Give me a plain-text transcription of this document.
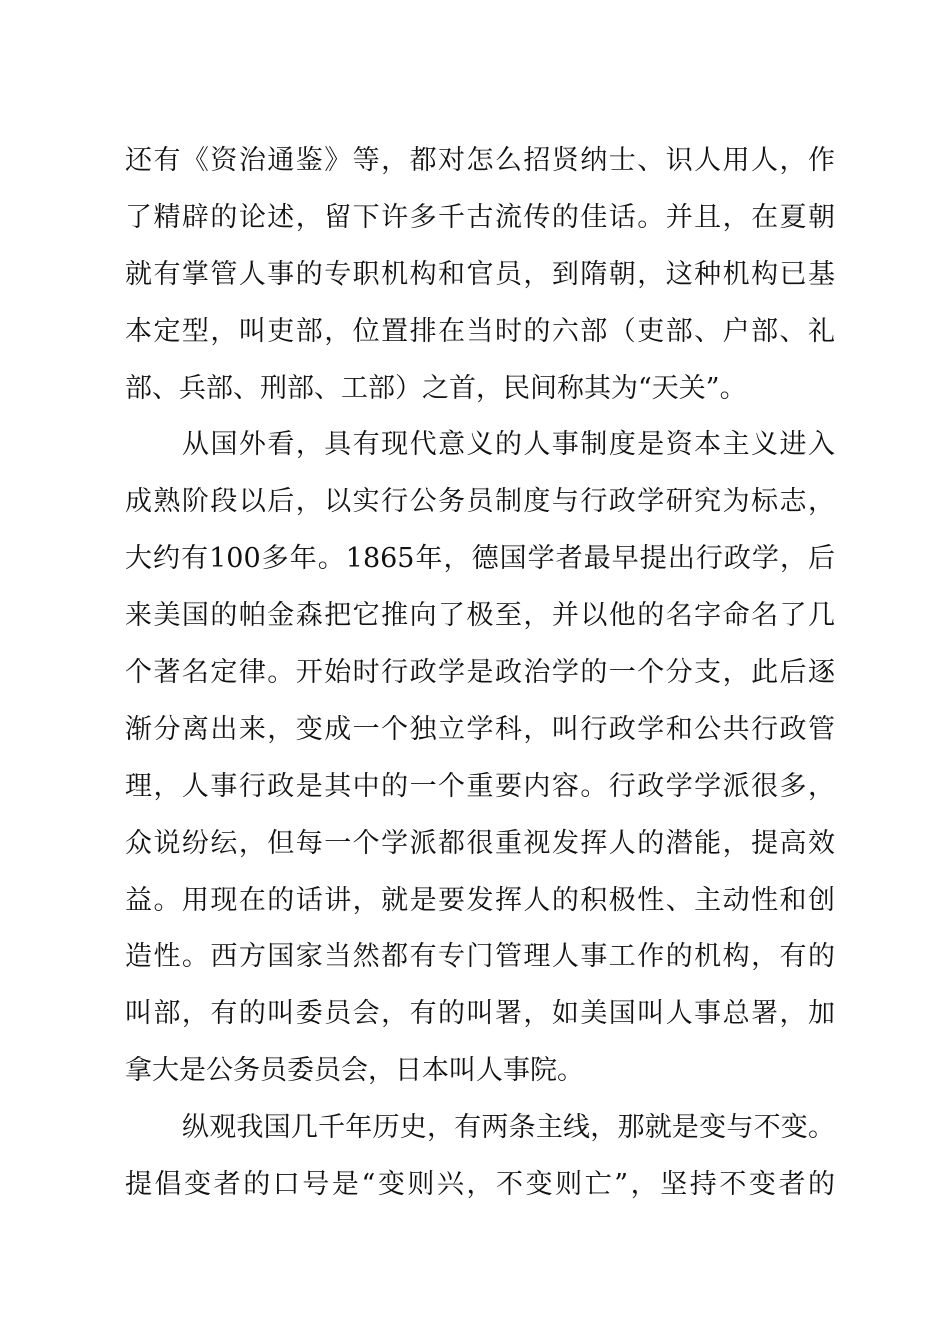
还有《资治通鉴》等，都对怎么招贤纳士、识人用人，作
了精辟的论述，留下许多千古流传的佳话。并且，在夏朝
就有掌管人事的专职机构和官员，到隋朝，这种机构已基
本定型，叫吏部，位置排在当时的六部（吏部、户部、礼
部、兵部、刑部、工部）之首，民间称其为“天关”。
从国外看，具有现代意义的人事制度是资本主义进入
成熟阶段以后，以实行公务员制度与行政学研究为标志，
大约有100多年。1865年，德国学者最早提出行政学，后
来美国的帕金森把它推向了极至，并以他的名字命名了几
个著名定律。开始时行政学是政治学的一个分支，此后逐
渐分离出来，变成一个独立学科，叫行政学和公共行政管
理，人事行政是其中的一个重要内容。行政学学派很多，
众说纷纭，但每一个学派都很重视发挥人的潜能，提高效
益。用现在的话讲，就是要发挥人的积极性、主动性和创
造性。西方国家当然都有专门管理人事工作的机构，有的
叫部，有的叫委员会，有的叫署，如美国叫人事总署，加
拿大是公务员委员会，日本叫人事院。
纵观我国几千年历史，有两条主线，那就是变与不变。
提倡变者的口号是“变则兴，不变则亡”，坚持不变者的
